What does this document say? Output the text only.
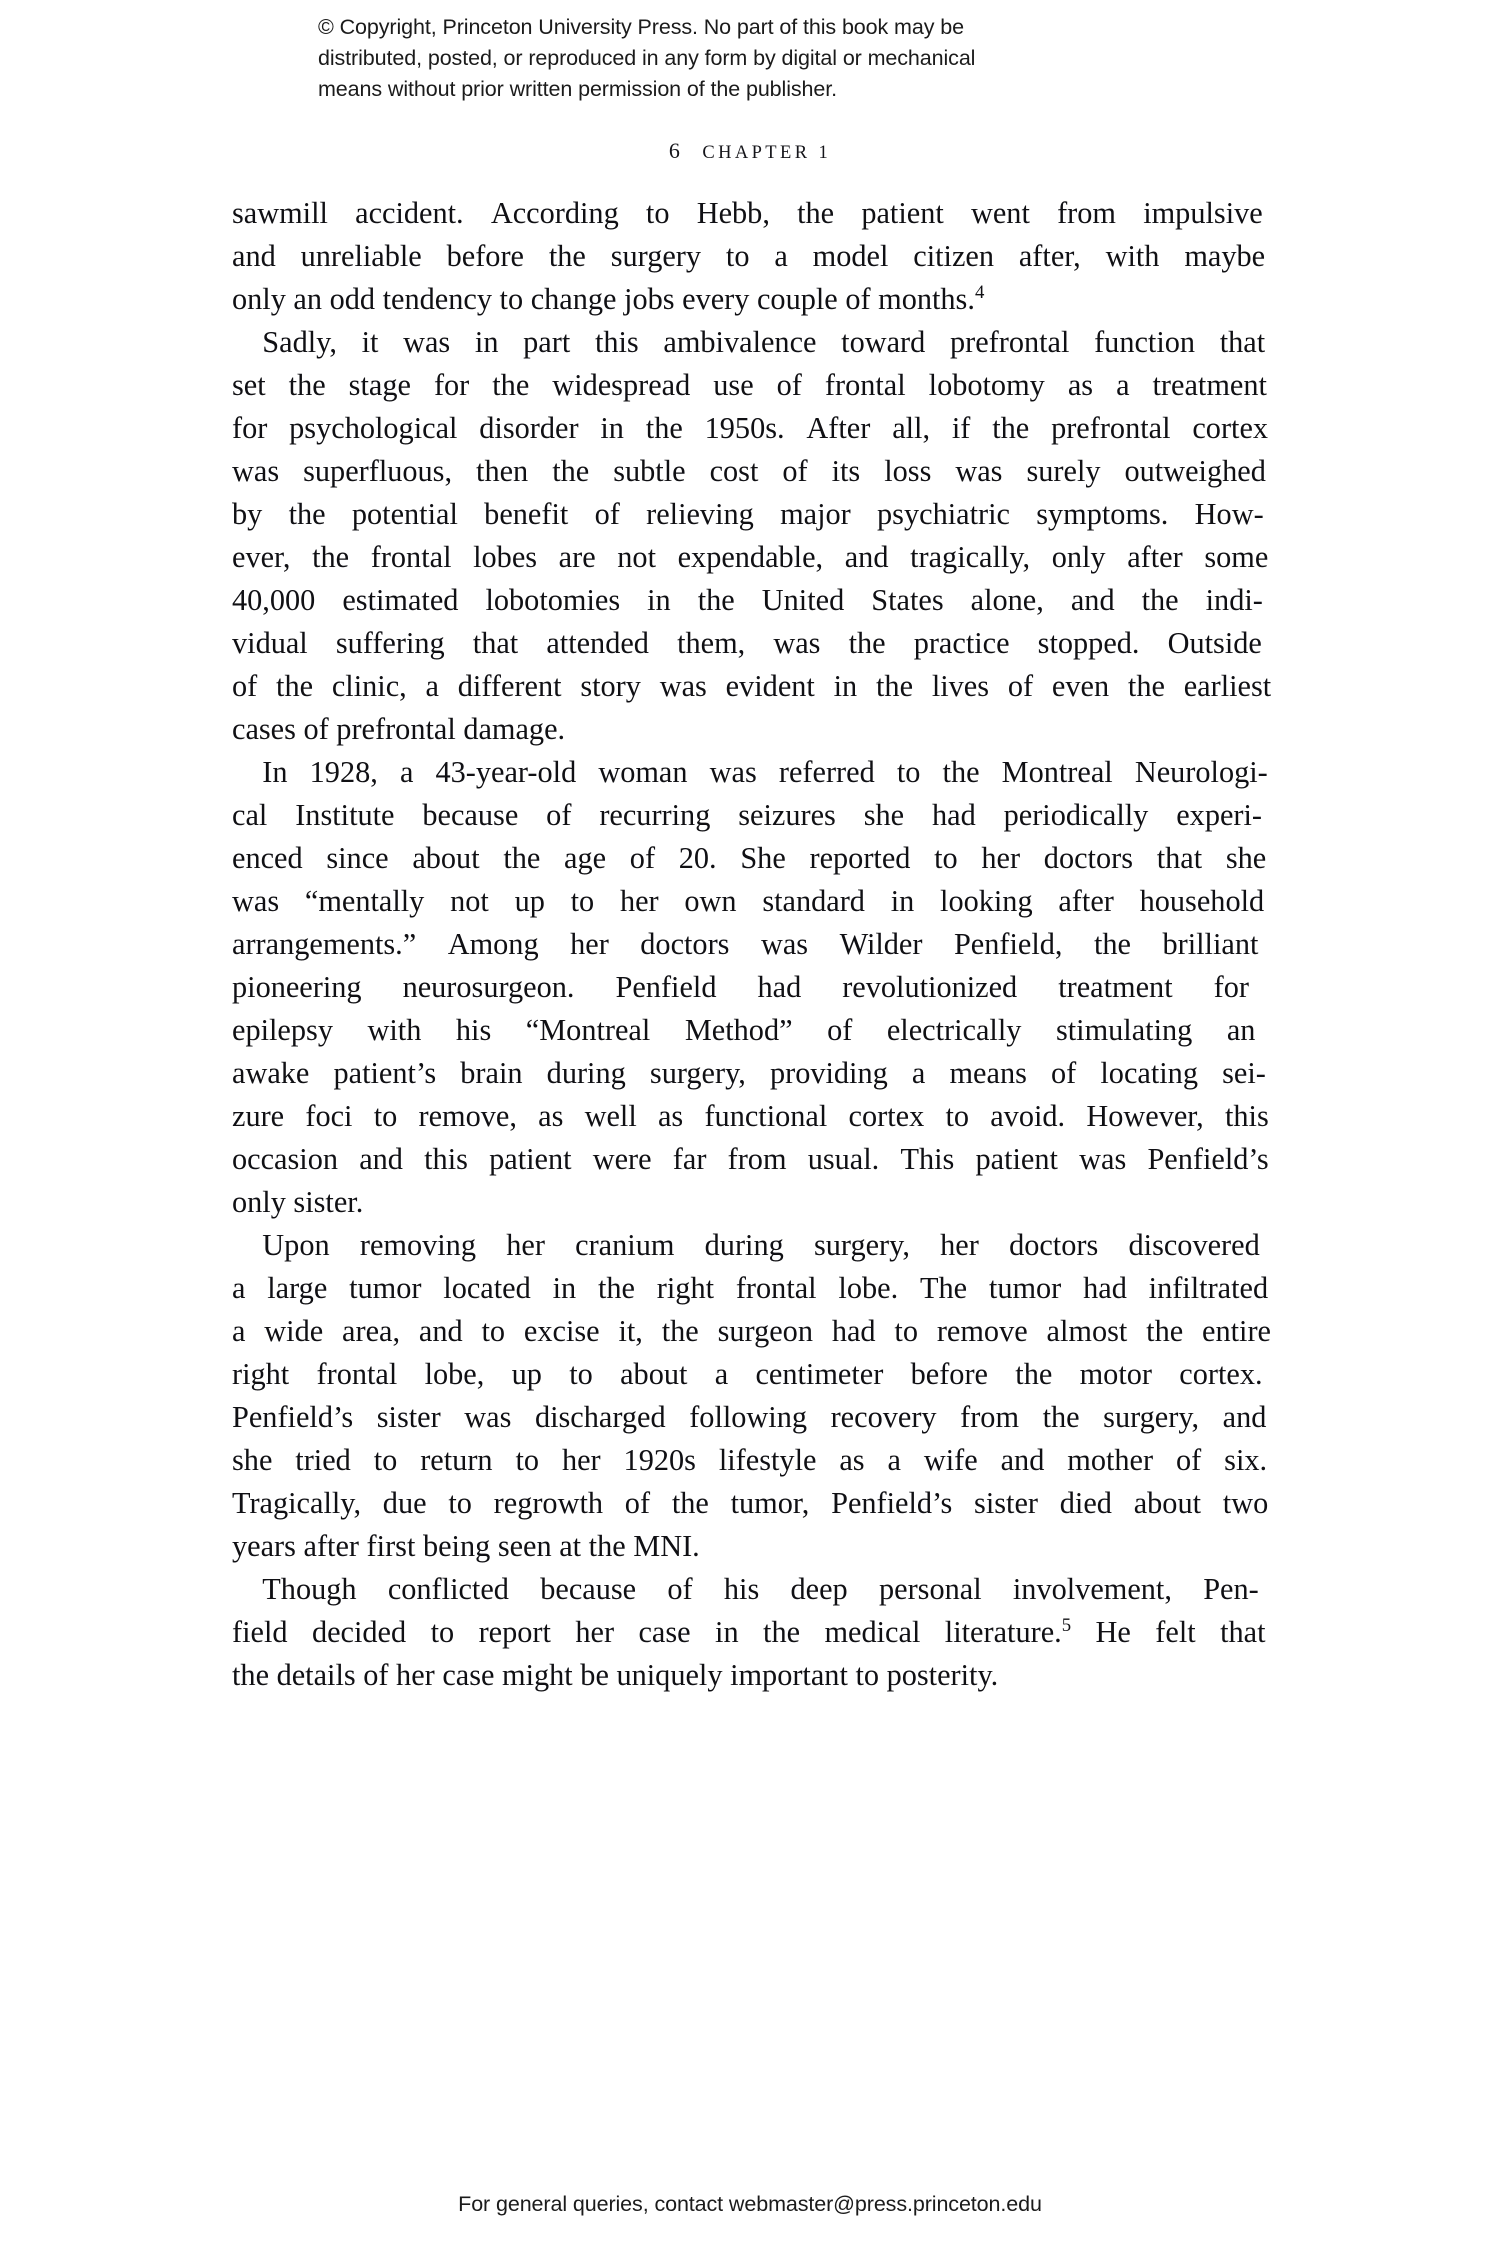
© Copyright, Princeton University Press. No part of this book may be
distributed, posted, or reproduced in any form by digital or mechanical
means without prior written permission of the publisher.
6 CHAPTER 1

sawmill accident. According to Hebb, the patient went from impulsive
and unreliable before the surgery to a model citizen after, with maybe
only an odd tendency to change jobs every couple of months.$^4$

 Sadly, it was in part this ambivalence toward prefrontal function that
set the stage for the widespread use of frontal lobotomy as a treatment
for psychological disorder in the 1950s. After all, if the prefrontal cortex
was superfluous, then the subtle cost of its loss was surely outweighed
by the potential benefit of relieving major psychiatric symptoms. How-
ever, the frontal lobes are not expendable, and tragically, only after some
40,000 estimated lobotomies in the United States alone, and the indi-
vidual suffering that attended them, was the practice stopped. Outside
of the clinic, a different story was evident in the lives of even the earliest
cases of prefrontal damage.

 In 1928, a 43-year-old woman was referred to the Montreal Neurologi-
cal Institute because of recurring seizures she had periodically experi-
enced since about the age of 20. She reported to her doctors that she
was “mentally not up to her own standard in looking after household
arrangements.” Among her doctors was Wilder Penfield, the brilliant
pioneering neurosurgeon. Penfield had revolutionized treatment for
epilepsy with his “Montreal Method” of electrically stimulating an
awake patient’s brain during surgery, providing a means of locating sei-
zure foci to remove, as well as functional cortex to avoid. However, this
occasion and this patient were far from usual. This patient was Penfield’s
only sister.

 Upon removing her cranium during surgery, her doctors discovered
a large tumor located in the right frontal lobe. The tumor had infiltrated
a wide area, and to excise it, the surgeon had to remove almost the entire
right frontal lobe, up to about a centimeter before the motor cortex.
Penfield’s sister was discharged following recovery from the surgery, and
she tried to return to her 1920s lifestyle as a wife and mother of six.
Tragically, due to regrowth of the tumor, Penfield’s sister died about two
years after first being seen at the MNI.

 Though conflicted because of his deep personal involvement, Pen-
field decided to report her case in the medical literature.$^5$ He felt that
the details of her case might be uniquely important to posterity.

For general queries, contact webmaster@press.princeton.edu
